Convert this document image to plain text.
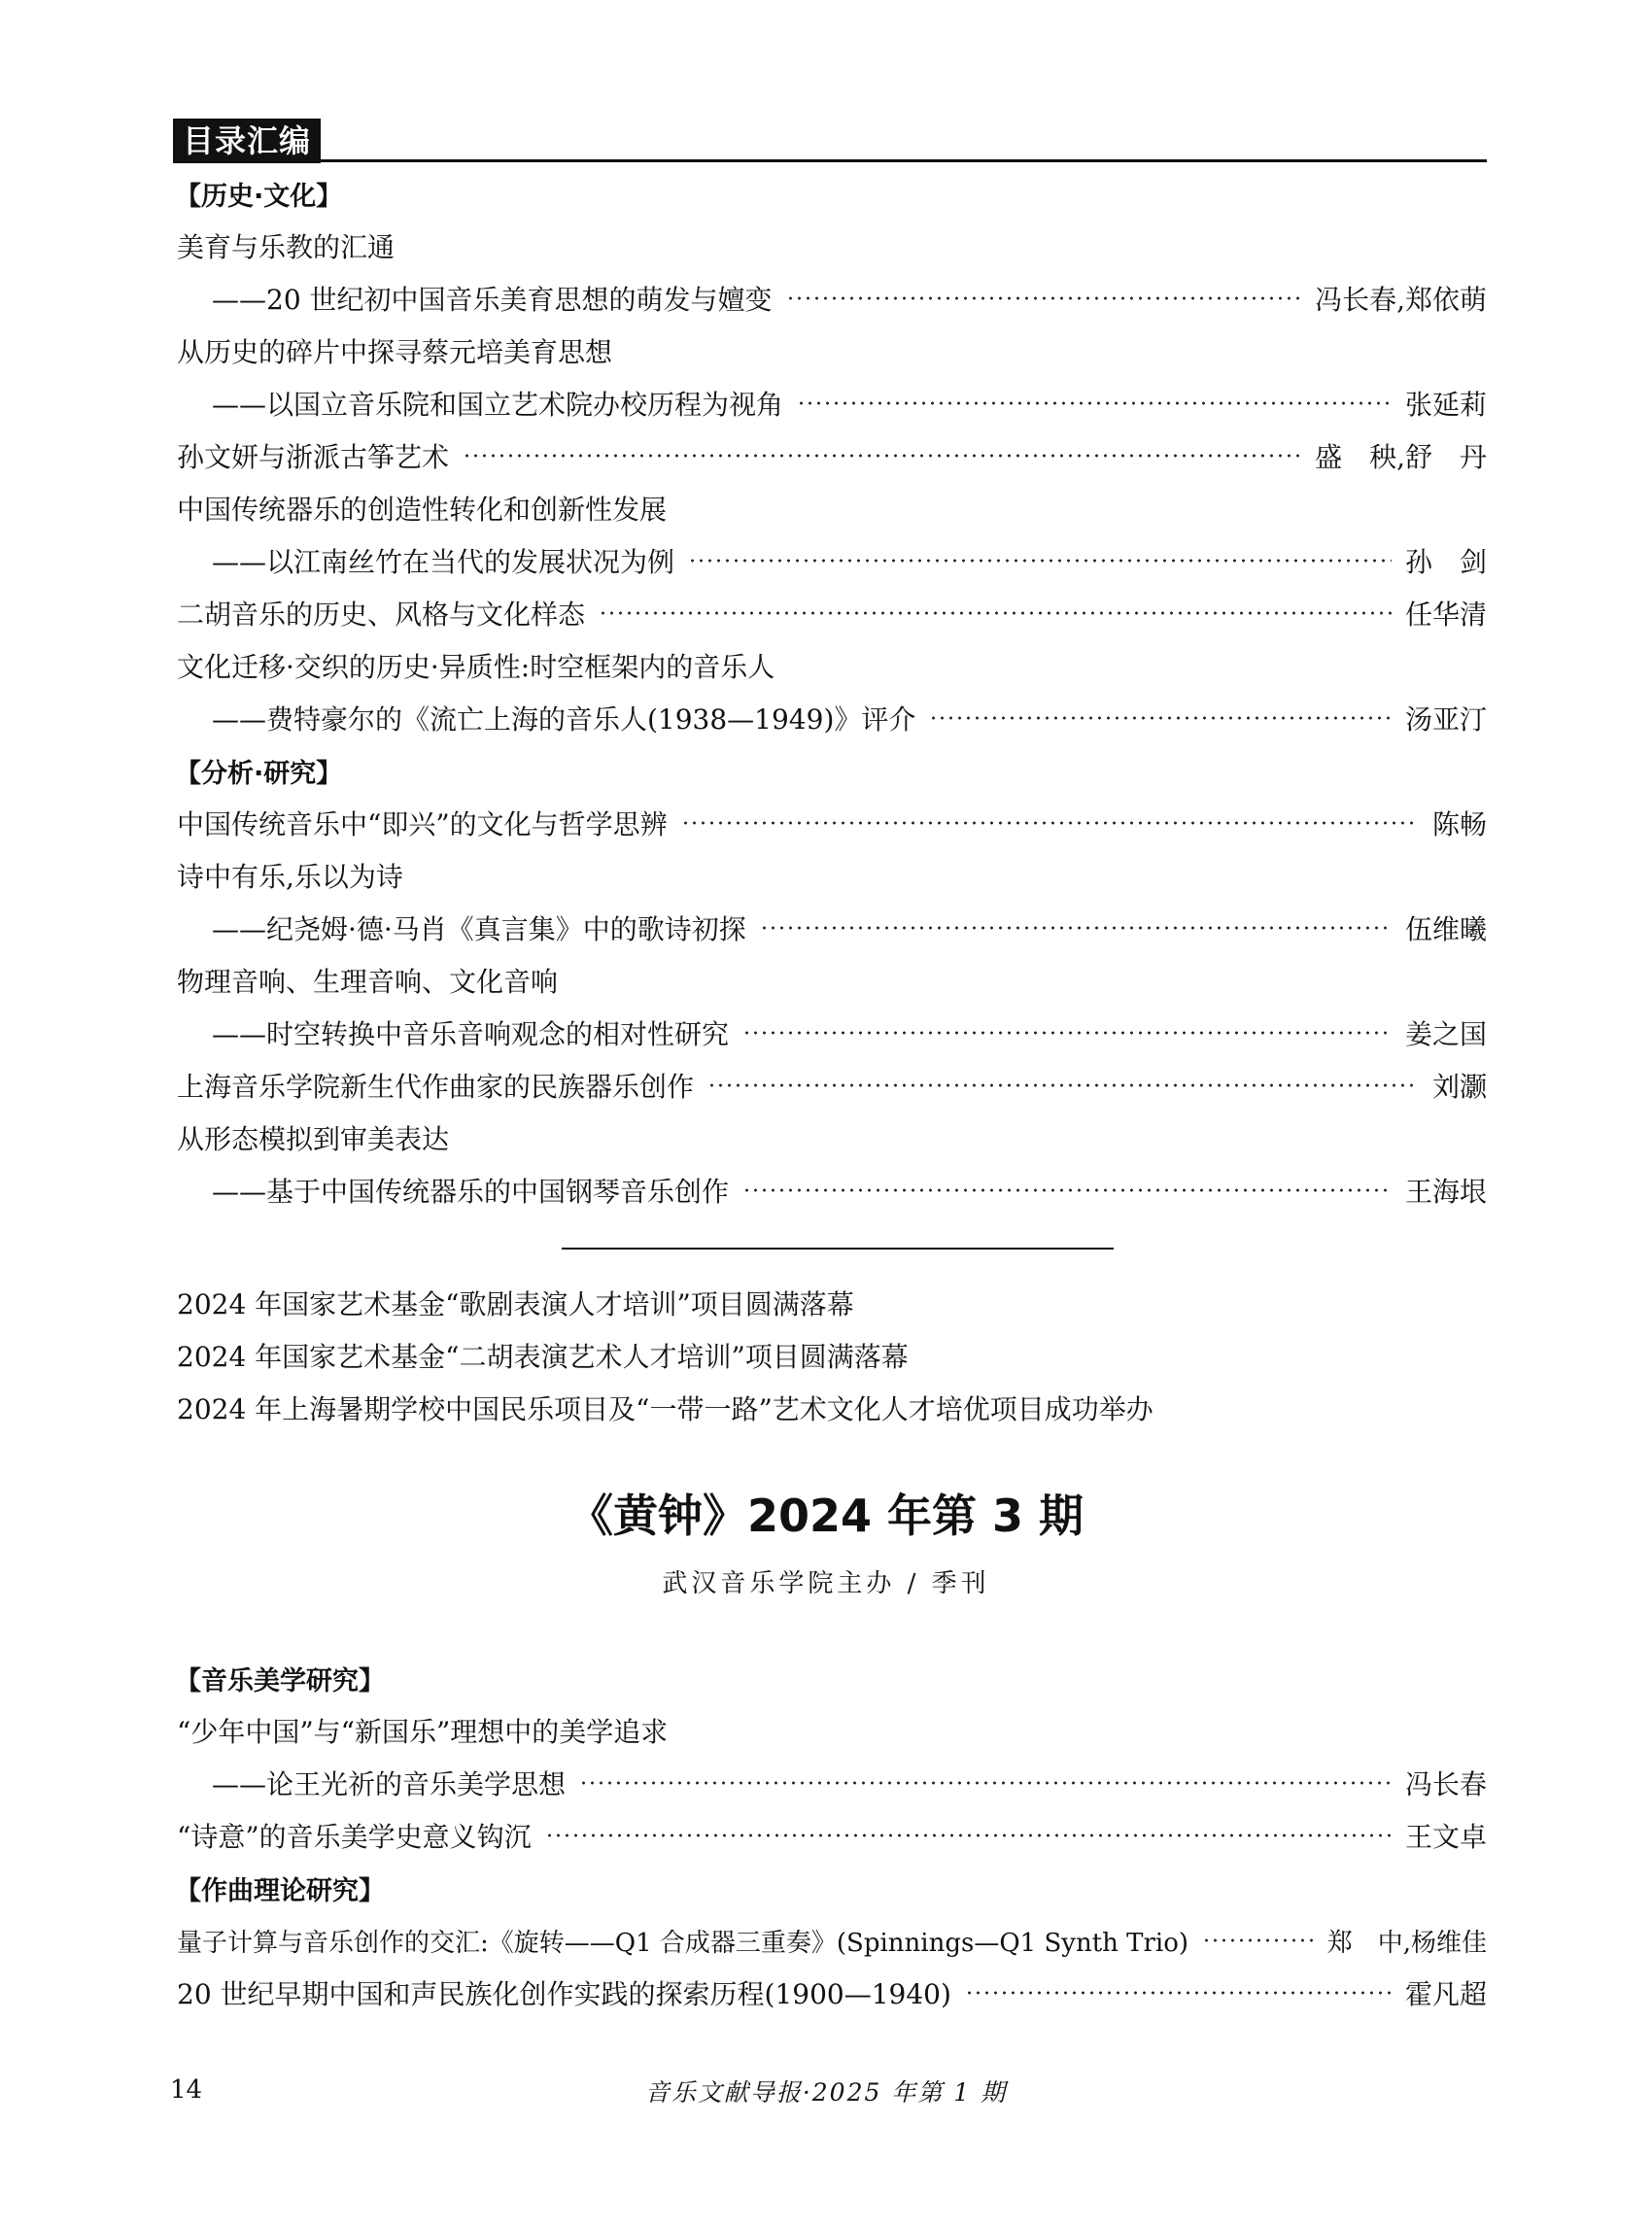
目录汇编
【历史·文化】
美育与乐教的汇通
——20 世纪初中国音乐美育思想的萌发与嬗变	冯长春,郑依萌
从历史的碎片中探寻蔡元培美育思想
——以国立音乐院和国立艺术院办校历程为视角	张延莉
孙文妍与浙派古筝艺术	盛　秧,舒　丹
中国传统器乐的创造性转化和创新性发展
——以江南丝竹在当代的发展状况为例	孙　剑
二胡音乐的历史、风格与文化样态	任华清
文化迁移·交织的历史·异质性:时空框架内的音乐人
——费特豪尔的《流亡上海的音乐人(1938—1949)》评介	汤亚汀
【分析·研究】
中国传统音乐中“即兴”的文化与哲学思辨	陈畅
诗中有乐,乐以为诗
——纪尧姆·德·马肖《真言集》中的歌诗初探	伍维曦
物理音响、生理音响、文化音响
——时空转换中音乐音响观念的相对性研究	姜之国
上海音乐学院新生代作曲家的民族器乐创作	刘灏
从形态模拟到审美表达
——基于中国传统器乐的中国钢琴音乐创作	王海垠
2024 年国家艺术基金“歌剧表演人才培训”项目圆满落幕
2024 年国家艺术基金“二胡表演艺术人才培训”项目圆满落幕
2024 年上海暑期学校中国民乐项目及“一带一路”艺术文化人才培优项目成功举办
《黄钟》2024 年第 3 期
武汉音乐学院主办 / 季刊
【音乐美学研究】
“少年中国”与“新国乐”理想中的美学追求
——论王光祈的音乐美学思想	冯长春
“诗意”的音乐美学史意义钩沉	王文卓
【作曲理论研究】
量子计算与音乐创作的交汇:《旋转——Q1 合成器三重奏》(Spinnings—Q1 Synth Trio)	郑　中,杨维佳
20 世纪早期中国和声民族化创作实践的探索历程(1900—1940)	霍凡超
14	音乐文献导报·2025 年第 1 期
